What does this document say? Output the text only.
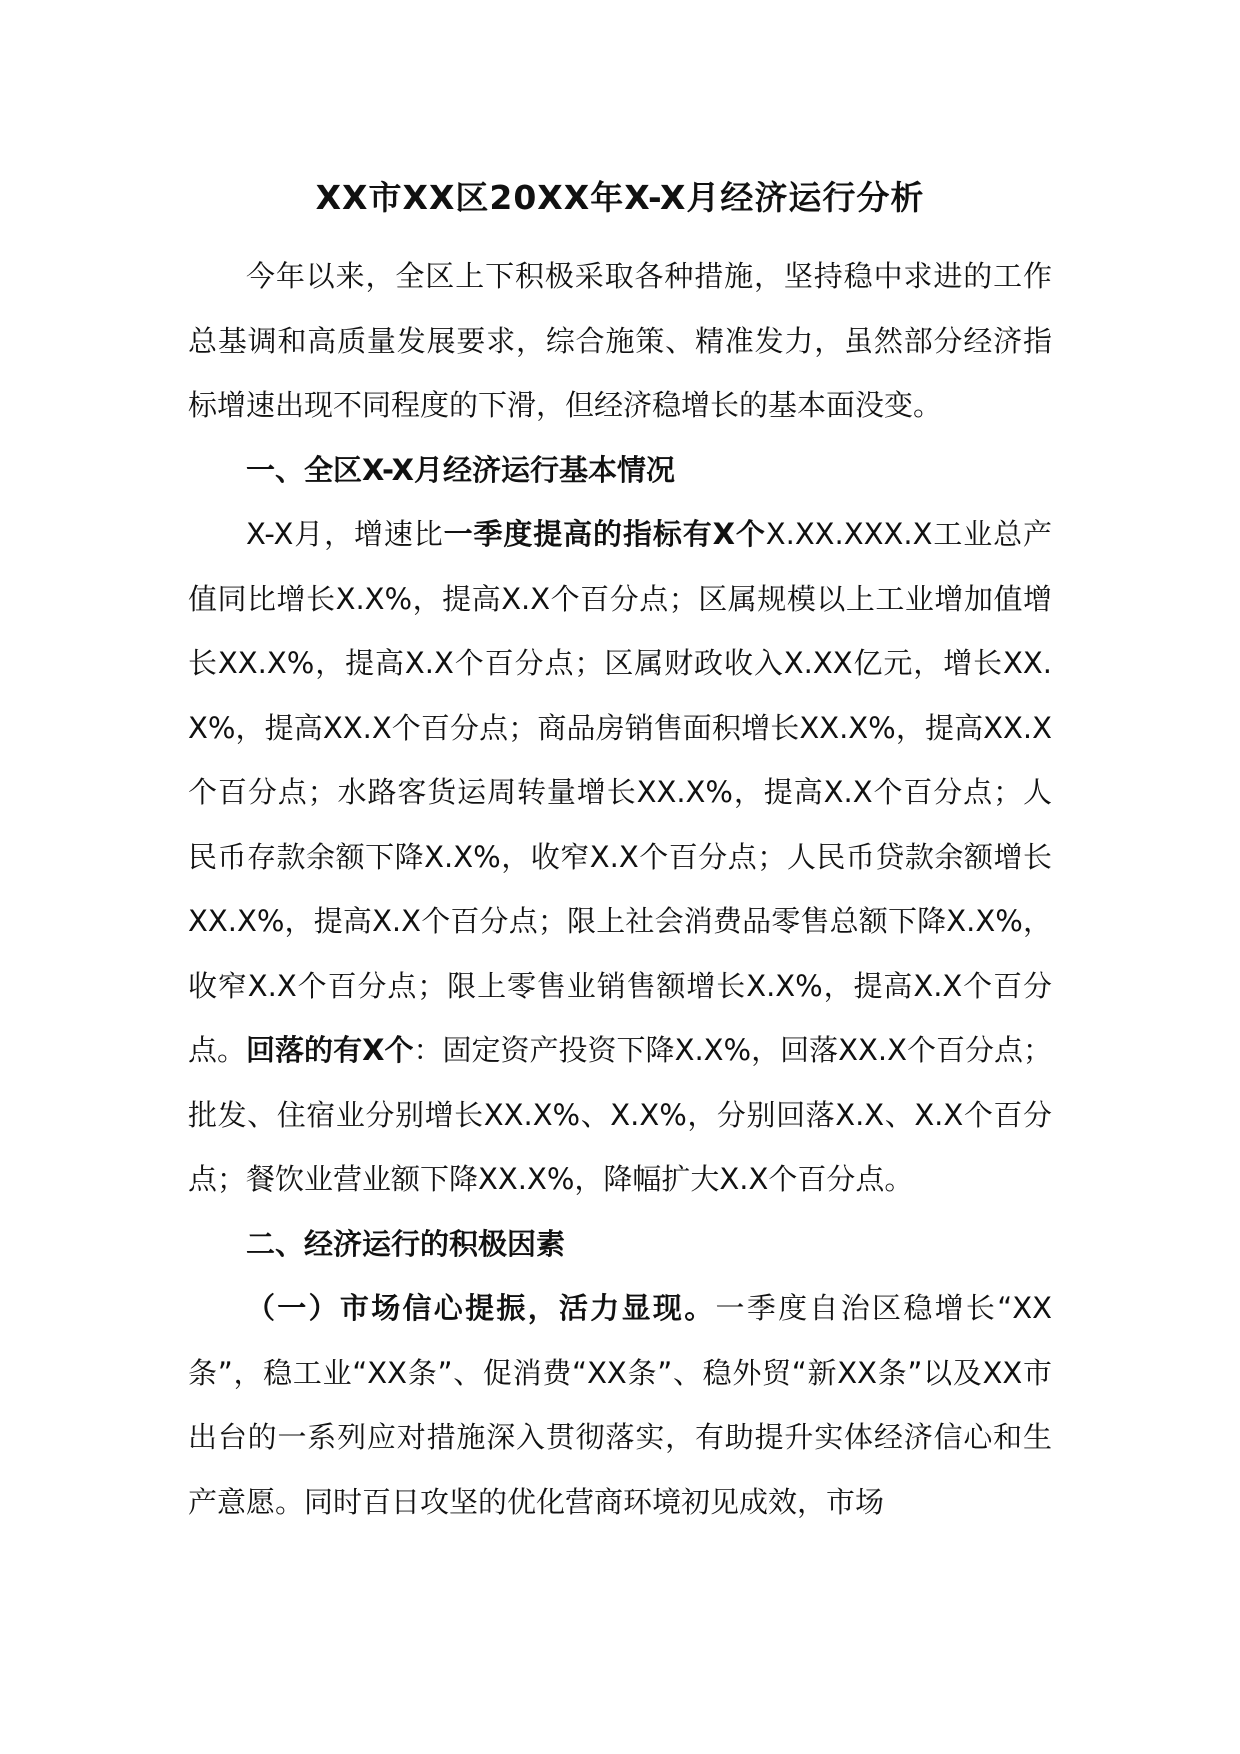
XX市XX区20XX年X-X月经济运行分析

今年以来，全区上下积极采取各种措施，坚持稳中求进的工作总基调和高质量发展要求，综合施策、精准发力，虽然部分经济指标增速出现不同程度的下滑，但经济稳增长的基本面没变。

一、全区X-X月经济运行基本情况

X-X月，增速比一季度提高的指标有X个X.XX.XXX.X工业总产值同比增长X.X%，提高X.X个百分点；区属规模以上工业增加值增长XX.X%，提高X.X个百分点；区属财政收入X.XX亿元，增长XX.X%，提高XX.X个百分点；商品房销售面积增长XX.X%，提高XX.X个百分点；水路客货运周转量增长XX.X%，提高X.X个百分点；人民币存款余额下降X.X%，收窄X.X个百分点；人民币贷款余额增长XX.X%，提高X.X个百分点；限上社会消费品零售总额下降X.X%，收窄X.X个百分点；限上零售业销售额增长X.X%，提高X.X个百分点。回落的有X个：固定资产投资下降X.X%，回落XX.X个百分点；批发、住宿业分别增长XX.X%、X.X%，分别回落X.X、X.X个百分点；餐饮业营业额下降XX.X%，降幅扩大X.X个百分点。

二、经济运行的积极因素

（一）市场信心提振，活力显现。一季度自治区稳增长“XX条”，稳工业“XX条”、促消费“XX条”、稳外贸“新XX条”以及XX市出台的一系列应对措施深入贯彻落实，有助提升实体经济信心和生产意愿。同时百日攻坚的优化营商环境初见成效，市场
